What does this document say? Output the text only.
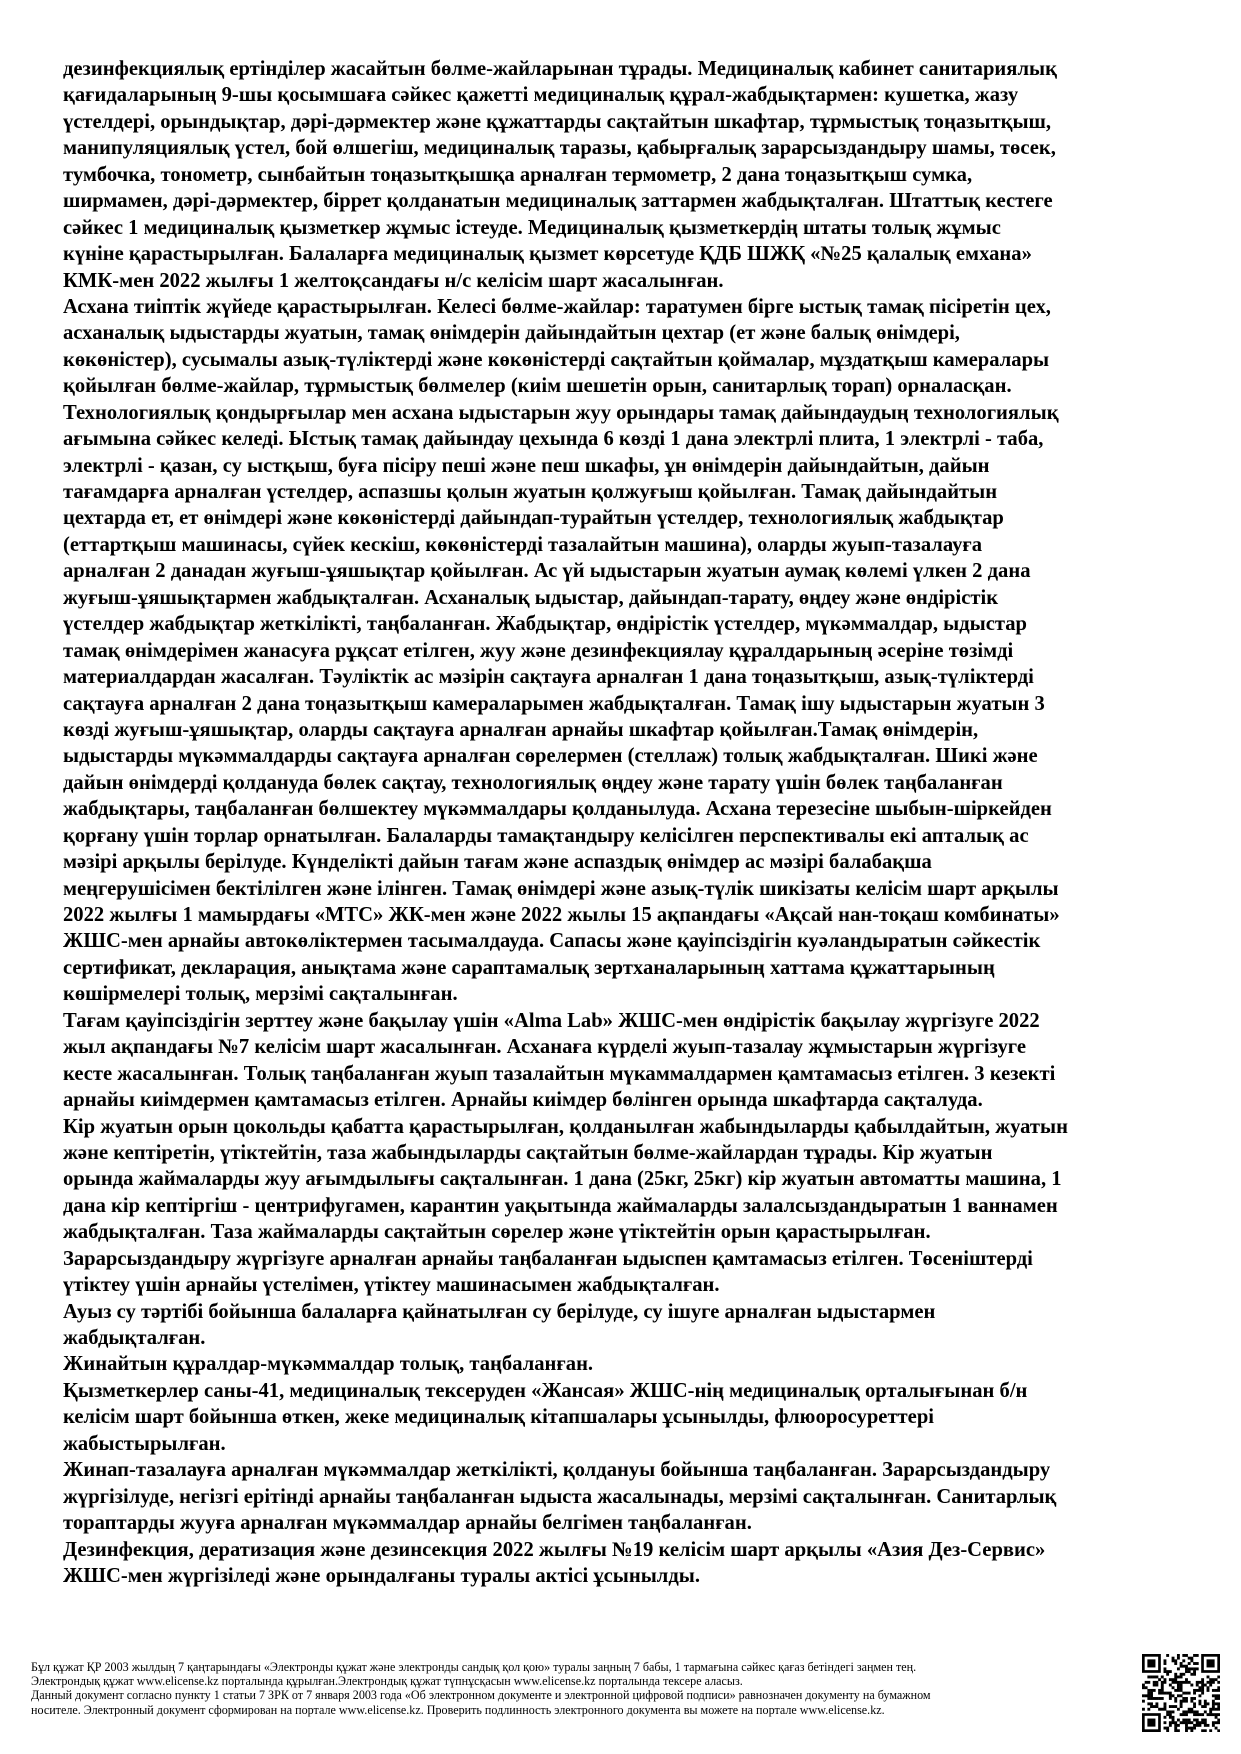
дезинфекциялық ертінділер жасайтын бөлме-жайларынан тұрады. Медициналық кабинет санитариялық
қағидаларының 9-шы қосымшаға сәйкес қажетті медициналық құрал-жабдықтармен: кушетка, жазу
үстелдері, орындықтар, дәрі-дәрмектер және құжаттарды сақтайтын шкафтар, тұрмыстық тоңазытқыш,
манипуляциялық үстел, бой өлшегіш, медициналық таразы, қабырғалық зарарсыздандыру шамы, төсек,
тумбочка, тонометр, сынбайтын тоңазытқышқа арналған термометр, 2 дана тоңазытқыш сумка,
ширмамен, дәрі-дәрмектер, біррет қолданатын медициналық заттармен жабдықталған. Штаттық кестеге
сәйкес 1 медициналық қызметкер жұмыс істеуде. Медициналық қызметкердің штаты толық жұмыс
күніне қарастырылған. Балаларға медициналық қызмет көрсетуде ҚДБ ШЖҚ «№25 қалалық емхана»
КМК-мен 2022 жылғы 1 желтоқсандағы н/с келісім шарт жасалынған.
Асхана тиіптік жүйеде қарастырылған. Келесі бөлме-жайлар: таратумен бірге ыстық тамақ пісіретін цех,
асханалық ыдыстарды жуатын, тамақ өнімдерін дайындайтын цехтар (ет және балық өнімдері,
көкөністер), сусымалы азық-түліктерді және көкөністерді сақтайтын қоймалар, мұздатқыш камералары
қойылған бөлме-жайлар, тұрмыстық бөлмелер (киім шешетін орын, санитарлық торап) орналасқан.
Технологиялық қондырғылар мен асхана ыдыстарын жуу орындары тамақ дайындаудың технологиялық
ағымына сәйкес келеді. Ыстық тамақ дайындау цехында 6 көзді 1 дана электрлі плита, 1 электрлі - таба,
электрлі - қазан, су ыстқыш, буға пісіру пеші және пеш шкафы, ұн өнімдерін дайындайтын, дайын
тағамдарға арналған үстелдер, аспазшы қолын жуатын қолжуғыш қойылған. Тамақ дайындайтын
цехтарда ет, ет өнімдері және көкөністерді дайындап-турайтын үстелдер, технологиялық жабдықтар
(еттартқыш машинасы, сүйек кескіш, көкөністерді тазалайтын машина), оларды жуып-тазалауға
арналған 2 данадан жуғыш-ұяшықтар қойылған. Ас үй ыдыстарын жуатын аумақ көлемі үлкен 2 дана
жуғыш-ұяшықтармен жабдықталған. Асханалық ыдыстар, дайындап-тарату, өңдеу және өндірістік
үстелдер жабдықтар жеткілікті, таңбаланған. Жабдықтар, өндірістік үстелдер, мүкәммалдар, ыдыстар
тамақ өнімдерімен жанасуға рұқсат етілген, жуу және дезинфекциялау құралдарының әсеріне төзімді
материалдардан жасалған. Тәуліктік ас мәзірін сақтауға арналған 1 дана тоңазытқыш, азық-түліктерді
сақтауға арналған 2 дана тоңазытқыш камераларымен жабдықталған. Тамақ ішу ыдыстарын жуатын 3
көзді жуғыш-ұяшықтар, оларды сақтауға арналған арнайы шкафтар қойылған.Тамақ өнімдерін,
ыдыстарды мүкәммалдарды сақтауға арналған сөрелермен (стеллаж) толық жабдықталған. Шикі және
дайын өнімдерді қолдануда бөлек сақтау, технологиялық өңдеу және тарату үшін бөлек таңбаланған
жабдықтары, таңбаланған бөлшектеу мүкәммалдары қолданылуда. Асхана терезесіне шыбын-шіркейден
қорғану үшін торлар орнатылған. Балаларды тамақтандыру келісілген перспективалы екі апталық ас
мәзірі арқылы берілуде. Күнделікті дайын тағам және аспаздық өнімдер ас мәзірі балабақша
меңгерушісімен бектілілген және ілінген. Тамақ өнімдері және азық-түлік шикізаты келісім шарт арқылы
2022 жылғы 1 мамырдағы «МТС» ЖК-мен және 2022 жылы 15 ақпандағы «Ақсай нан-тоқаш комбинаты»
ЖШС-мен арнайы автокөліктермен тасымалдауда. Сапасы және қауіпсіздігін куәландыратын сәйкестік
сертификат, декларация, анықтама және сараптамалық зертханаларының хаттама құжаттарының
көшірмелері толық, мерзімі сақталынған.
Тағам қауіпсіздігін зерттеу және бақылау үшін «Alma Lab» ЖШС-мен өндірістік бақылау жүргізуге 2022
жыл ақпандағы №7 келісім шарт жасалынған. Асханаға күрделі жуып-тазалау жұмыстарын жүргізуге
кесте жасалынған. Толық таңбаланған жуып тазалайтын мүкаммалдармен қамтамасыз етілген. 3 кезекті
арнайы киімдермен қамтамасыз етілген. Арнайы киімдер бөлінген орында шкафтарда сақталуда.
Кір жуатын орын цокольды қабатта қарастырылған, қолданылған жабындыларды қабылдайтын, жуатын
және кептіретін, үтіктейтін, таза жабындыларды сақтайтын бөлме-жайлардан тұрады. Кір жуатын
орында жаймаларды жуу ағымдылығы сақталынған. 1 дана (25кг, 25кг) кір жуатын автоматты машина, 1
дана кір кептіргіш - центрифугамен, карантин уақытында жаймаларды залалсыздандыратын 1 ваннамен
жабдықталған. Таза жаймаларды сақтайтын сөрелер және үтіктейтін орын қарастырылған.
Зарарсыздандыру жүргізуге арналған арнайы таңбаланған ыдыспен қамтамасыз етілген. Төсеніштерді
үтіктеу үшін арнайы үстелімен, үтіктеу машинасымен жабдықталған.
Ауыз су тәртібі бойынша балаларға қайнатылған су берілуде, су ішуге арналған ыдыстармен
жабдықталған.
Жинайтын құралдар-мүкәммалдар толық, таңбаланған.
Қызметкерлер саны-41, медициналық тексеруден «Жансая» ЖШС-нің медициналық орталығынан б/н
келісім шарт бойынша өткен, жеке медициналық кітапшалары ұсынылды, флюоросуреттері
жабыстырылған.
Жинап-тазалауға арналған мүкәммалдар жеткілікті, қолдануы бойынша таңбаланған. Зарарсыздандыру
жүргізілуде, негізгі ерітінді арнайы таңбаланған ыдыста жасалынады, мерзімі сақталынған. Санитарлық
тораптарды жууға арналған мүкәммалдар арнайы белгімен таңбаланған.
Дезинфекция, дератизация және дезинсекция 2022 жылғы №19 келісім шарт арқылы «Азия Дез-Сервис»
ЖШС-мен жүргізіледі және орындалғаны туралы актісі ұсынылды.
Бұл құжат ҚР 2003 жылдың 7 қаңтарындағы «Электронды құжат және электронды сандық қол қою» туралы заңның 7 бабы, 1 тармағына сәйкес қағаз бетіндегі заңмен тең.
Электрондық құжат www.elicense.kz порталында құрылған.Электрондық құжат түпнұсқасын www.elicense.kz порталында тексере аласыз.
Данный документ согласно пункту 1 статьи 7 ЗРК от 7 января 2003 года «Об электронном документе и электронной цифровой подписи» равнозначен документу на бумажном
носителе. Электронный документ сформирован на портале www.elicense.kz. Проверить подлинность электронного документа вы можете на портале www.elicense.kz.
